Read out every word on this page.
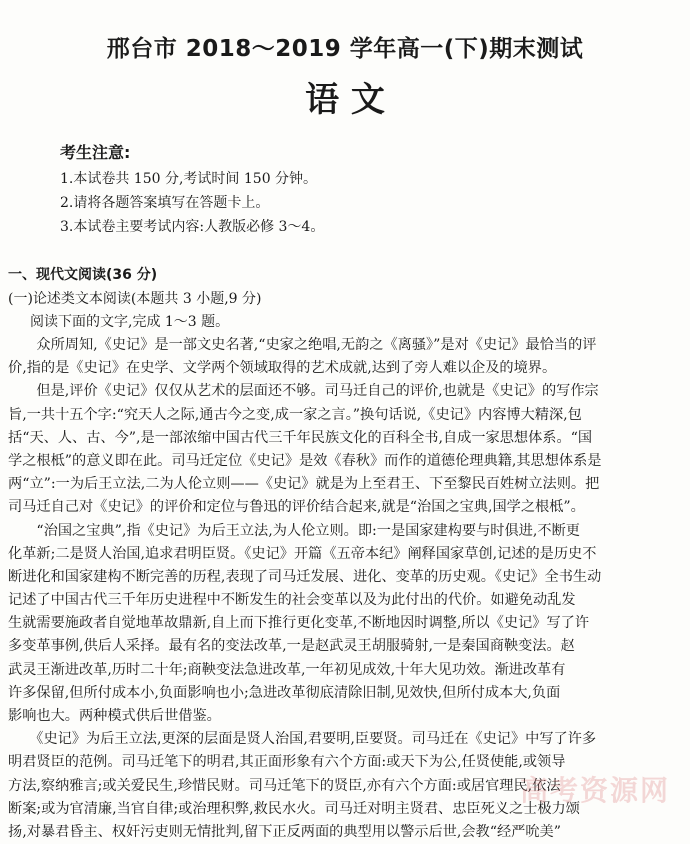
邢台市 2018～2019 学年高一(下)期末测试
语 文
考生注意:
1.本试卷共 150 分,考试时间 150 分钟。
2.请将各题答案填写在答题卡上。
3.本试卷主要考试内容:人教版必修 3～4。
一、现代文阅读(36 分)
(一)论述类文本阅读(本题共 3 小题,9 分)
阅读下面的文字,完成 1～3 题。
　　众所周知,《史记》是一部文史名著,“史家之绝唱,无韵之《离骚》”是对《史记》最恰当的评
价,指的是《史记》在史学、文学两个领域取得的艺术成就,达到了旁人难以企及的境界。
　　但是,评价《史记》仅仅从艺术的层面还不够。司马迁自己的评价,也就是《史记》的写作宗
旨,一共十五个字:“究天人之际,通古今之变,成一家之言。”换句话说,《史记》内容博大精深,包
括“天、人、古、今”,是一部浓缩中国古代三千年民族文化的百科全书,自成一家思想体系。“国
学之根柢”的意义即在此。司马迁定位《史记》是效《春秋》而作的道德伦理典籍,其思想体系是
两“立”:一为后王立法,二为人伦立则——《史记》就是为上至君王、下至黎民百姓树立法则。把
司马迁自己对《史记》的评价和定位与鲁迅的评价结合起来,就是“治国之宝典,国学之根柢”。
　　“治国之宝典”,指《史记》为后王立法,为人伦立则。即:一是国家建构要与时俱进,不断更
化革新;二是贤人治国,追求君明臣贤。《史记》开篇《五帝本纪》阐释国家草创,记述的是历史不
断进化和国家建构不断完善的历程,表现了司马迁发展、进化、变革的历史观。《史记》全书生动
记述了中国古代三千年历史进程中不断发生的社会变革以及为此付出的代价。如避免动乱发
生就需要施政者自觉地革故鼎新,自上而下推行更化变革,不断地因时调整,所以《史记》写了许
多变革事例,供后人采择。最有名的变法改革,一是赵武灵王胡服骑射,一是秦国商鞅变法。赵
武灵王渐进改革,历时二十年;商鞅变法急进改革,一年初见成效,十年大见功效。渐进改革有
许多保留,但所付成本小,负面影响也小;急进改革彻底清除旧制,见效快,但所付成本大,负面
影响也大。两种模式供后世借鉴。
　　《史记》为后王立法,更深的层面是贤人治国,君要明,臣要贤。司马迁在《史记》中写了许多
明君贤臣的范例。司马迁笔下的明君,其正面形象有六个方面:或天下为公,任贤使能,或领导
方法,察纳雅言;或关爱民生,珍惜民财。司马迁笔下的贤臣,亦有六个方面:或居官理民,依法
断案;或为官清廉,当官自律;或治理积弊,救民水火。司马迁对明主贤君、忠臣死义之士极力颂
扬,对暴君昏主、权奸污吏则无情批判,留下正反两面的典型用以警示后世,会教“经严吮美”
高考资源网
